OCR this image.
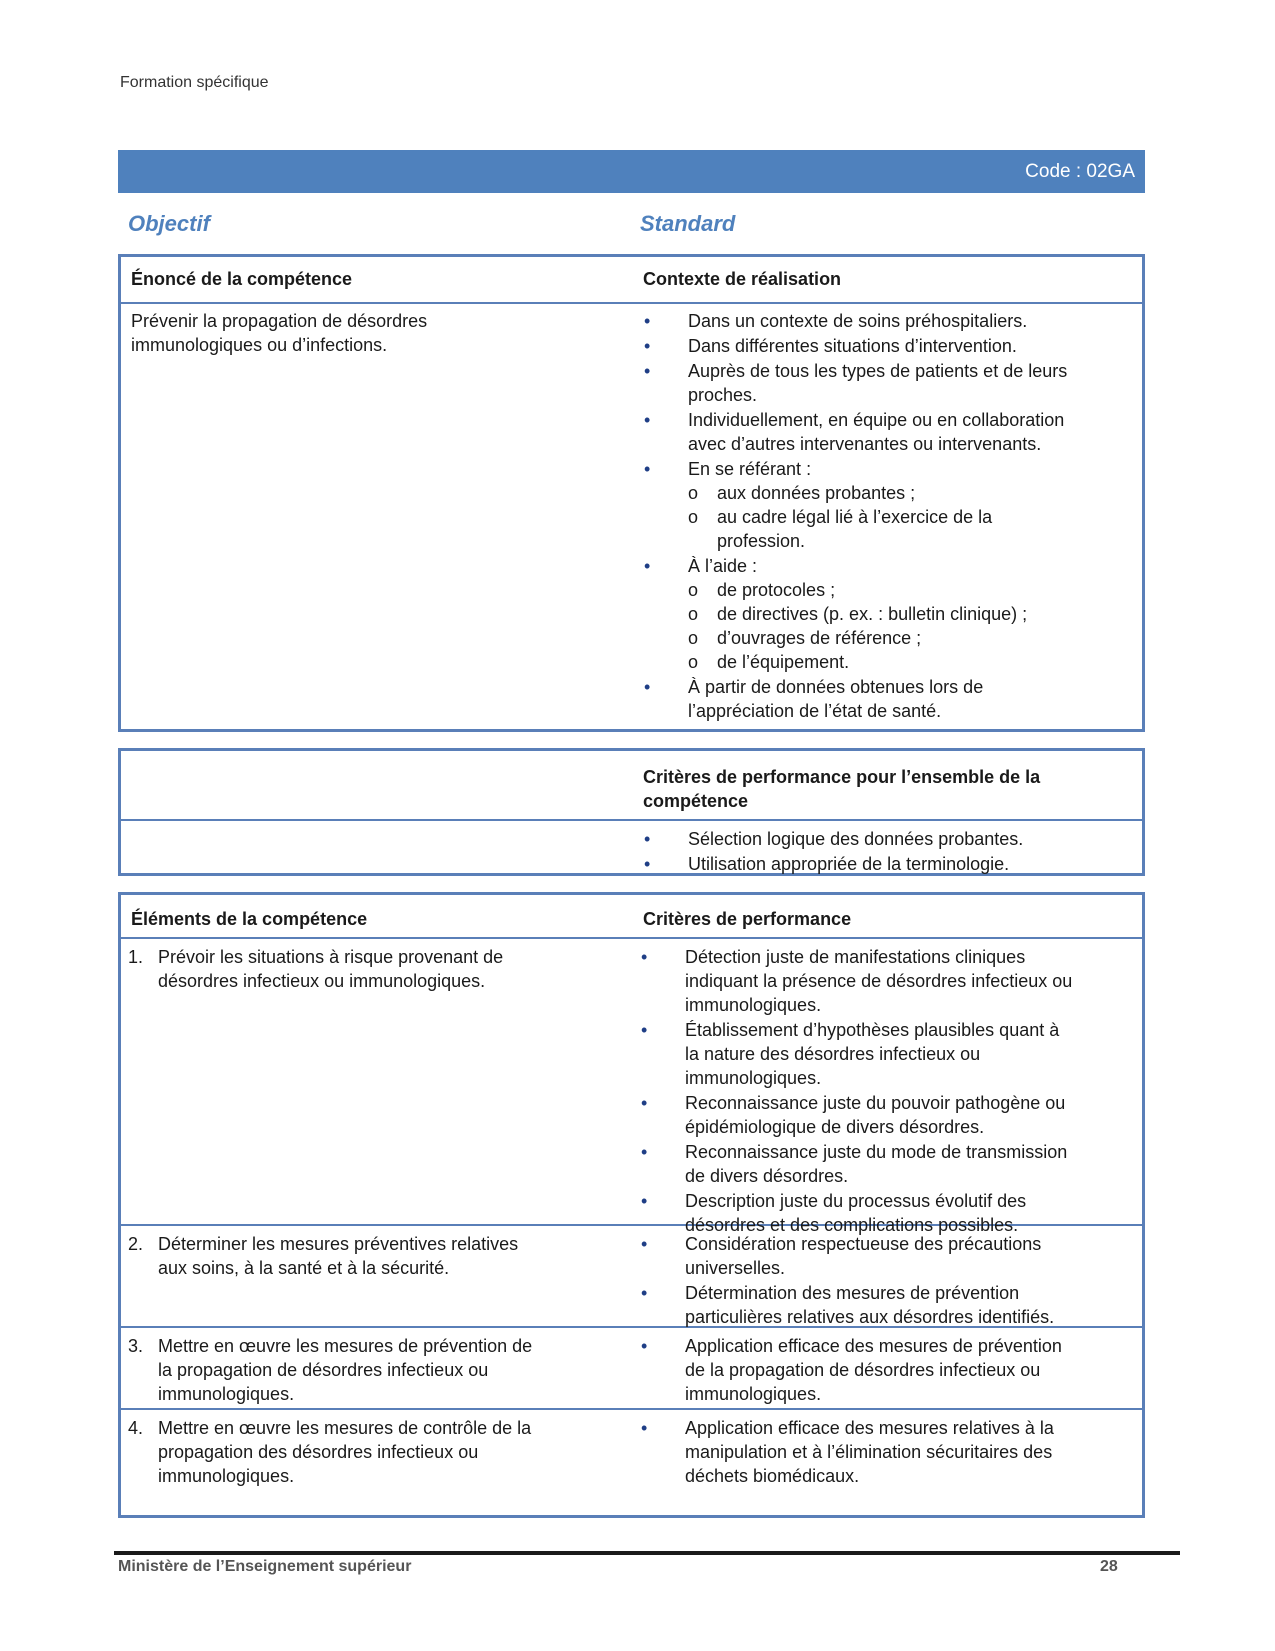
Formation spécifique
Code : 02GA
Objectif	Standard
Énoncé de la compétence	Contexte de réalisation
Prévenir la propagation de désordres
immunologiques ou d’infections.
• Dans un contexte de soins préhospitaliers.
• Dans différentes situations d’intervention.
• Auprès de tous les types de patients et de leurs
proches.
• Individuellement, en équipe ou en collaboration
avec d’autres intervenantes ou intervenants.
• En se référant :
o aux données probantes ;
o au cadre légal lié à l’exercice de la
profession.
• À l’aide :
o de protocoles ;
o de directives (p. ex. : bulletin clinique) ;
o d’ouvrages de référence ;
o de l’équipement.
• À partir de données obtenues lors de
l’appréciation de l’état de santé.
Critères de performance pour l’ensemble de la
compétence
• Sélection logique des données probantes.
• Utilisation appropriée de la terminologie.
Éléments de la compétence	Critères de performance
1. Prévoir les situations à risque provenant de
désordres infectieux ou immunologiques.
• Détection juste de manifestations cliniques
indiquant la présence de désordres infectieux ou
immunologiques.
• Établissement d’hypothèses plausibles quant à
la nature des désordres infectieux ou
immunologiques.
• Reconnaissance juste du pouvoir pathogène ou
épidémiologique de divers désordres.
• Reconnaissance juste du mode de transmission
de divers désordres.
• Description juste du processus évolutif des
désordres et des complications possibles.
2. Déterminer les mesures préventives relatives
aux soins, à la santé et à la sécurité.
• Considération respectueuse des précautions
universelles.
• Détermination des mesures de prévention
particulières relatives aux désordres identifiés.
3. Mettre en œuvre les mesures de prévention de
la propagation de désordres infectieux ou
immunologiques.
• Application efficace des mesures de prévention
de la propagation de désordres infectieux ou
immunologiques.
4. Mettre en œuvre les mesures de contrôle de la
propagation des désordres infectieux ou
immunologiques.
• Application efficace des mesures relatives à la
manipulation et à l’élimination sécuritaires des
déchets biomédicaux.
Ministère de l’Enseignement supérieur	28
